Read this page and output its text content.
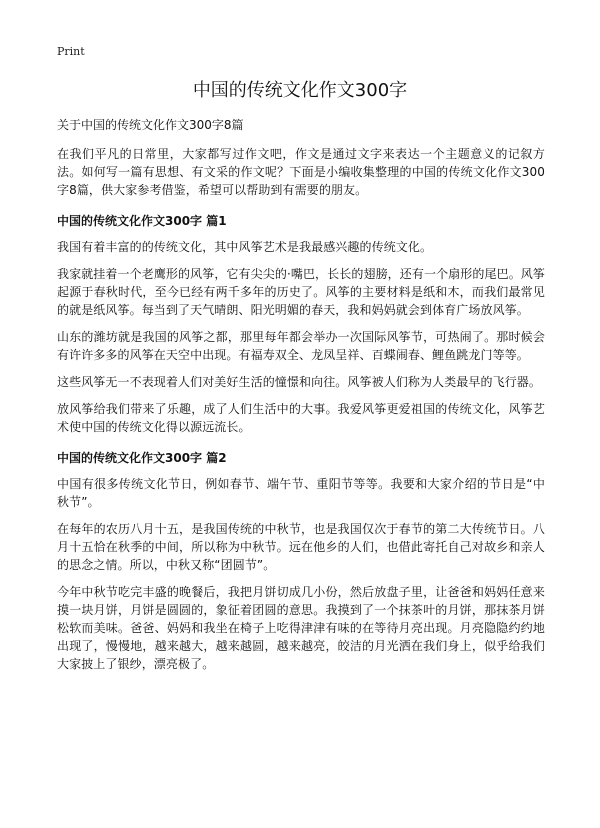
Print
中国的传统文化作文300字
关于中国的传统文化作文300字8篇

在我们平凡的日常里，大家都写过作文吧，作文是通过文字来表达一个主题意义的记叙方法。如何写一篇有思想、有文采的作文呢？下面是小编收集整理的中国的传统文化作文300字8篇，供大家参考借鉴，希望可以帮助到有需要的朋友。

中国的传统文化作文300字 篇1

我国有着丰富的的传统文化，其中风筝艺术是我最感兴趣的传统文化。

我家就挂着一个老鹰形的风筝，它有尖尖的·嘴巴，长长的翅膀，还有一个扇形的尾巴。风筝起源于春秋时代，至今已经有两千多年的历史了。风筝的主要材料是纸和木，而我们最常见的就是纸风筝。每当到了天气晴朗、阳光明媚的春天，我和妈妈就会到体育广场放风筝。

山东的潍坊就是我国的风筝之都，那里每年都会举办一次国际风筝节，可热闹了。那时候会有许许多多的风筝在天空中出现。有福寿双全、龙凤呈祥、百蝶闹春、鲤鱼跳龙门等等。

这些风筝无一不表现着人们对美好生活的憧憬和向往。风筝被人们称为人类最早的飞行器。

放风筝给我们带来了乐趣，成了人们生活中的大事。我爱风筝更爱祖国的传统文化，风筝艺术使中国的传统文化得以源远流长。

中国的传统文化作文300字 篇2

中国有很多传统文化节日，例如春节、端午节、重阳节等等。我要和大家介绍的节日是“中秋节”。

在每年的农历八月十五，是我国传统的中秋节，也是我国仅次于春节的第二大传统节日。八月十五恰在秋季的中间，所以称为中秋节。远在他乡的人们，也借此寄托自己对故乡和亲人的思念之情。所以，中秋又称“团圆节”。

今年中秋节吃完丰盛的晚餐后，我把月饼切成几小份，然后放盘子里，让爸爸和妈妈任意来摸一块月饼，月饼是圆圆的，象征着团圆的意思。我摸到了一个抹茶叶的月饼，那抹茶月饼松软而美味。爸爸、妈妈和我坐在椅子上吃得津津有味的在等待月亮出现。月亮隐隐约约地出现了，慢慢地，越来越大，越来越圆，越来越亮，皎洁的月光洒在我们身上，似乎给我们大家披上了银纱，漂亮极了。
